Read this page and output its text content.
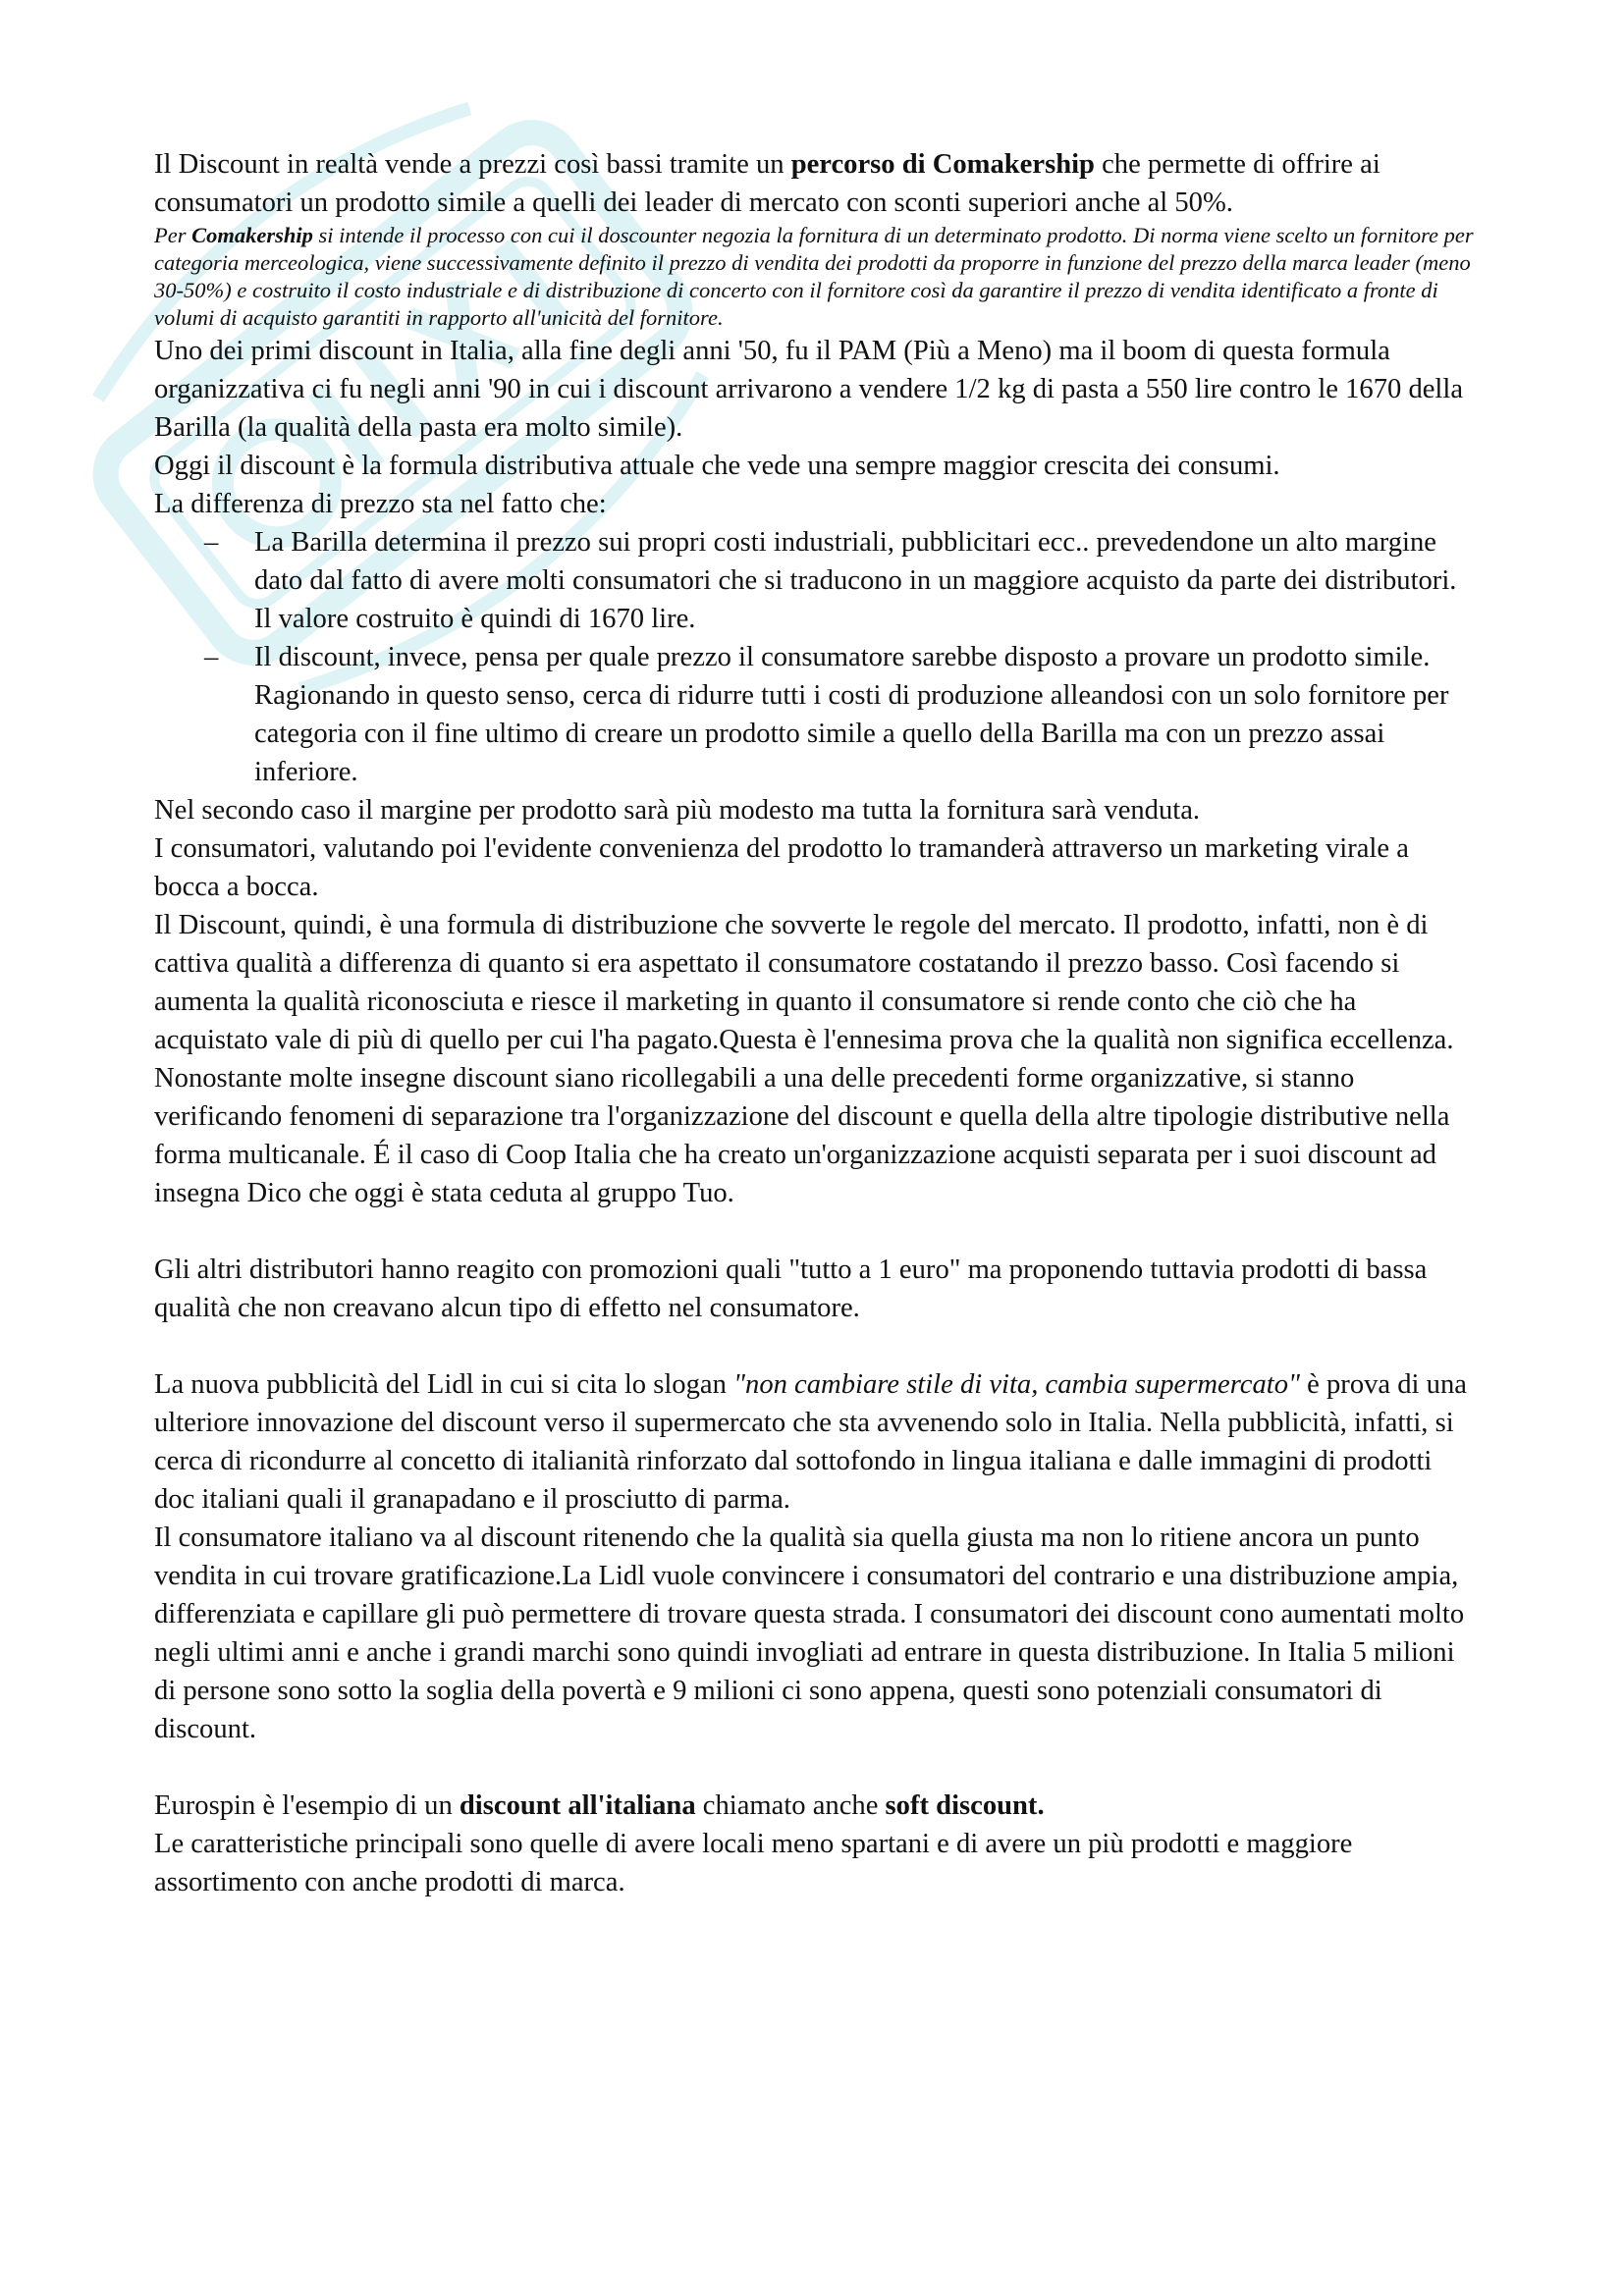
Il Discount in realtà vende a prezzi così bassi tramite un percorso di Comakership che permette di offrire ai consumatori un prodotto simile a quelli dei leader di mercato con sconti superiori anche al 50%.

Per Comakership si intende il processo con cui il doscounter negozia la fornitura di un determinato prodotto. Di norma viene scelto un fornitore per categoria merceologica, viene successivamente definito il prezzo di vendita dei prodotti da proporre in funzione del prezzo della marca leader (meno 30-50%) e costruito il costo industriale e di distribuzione di concerto con il fornitore così da garantire il prezzo di vendita identificato a fronte di volumi di acquisto garantiti in rapporto all'unicità del fornitore.

Uno dei primi discount in Italia, alla fine degli anni '50, fu il PAM (Più a Meno) ma il boom di questa formula organizzativa ci fu negli anni '90 in cui i discount arrivarono a vendere 1/2 kg di pasta a 550 lire contro le 1670 della Barilla (la qualità della pasta era molto simile).

Oggi il discount è la formula distributiva attuale che vede una sempre maggior crescita dei consumi.

La differenza di prezzo sta nel fatto che:

– La Barilla determina il prezzo sui propri costi industriali, pubblicitari ecc.. prevedendone un alto margine dato dal fatto di avere molti consumatori che si traducono in un maggiore acquisto da parte dei distributori. Il valore costruito è quindi di 1670 lire.
– Il discount, invece, pensa per quale prezzo il consumatore sarebbe disposto a provare un prodotto simile. Ragionando in questo senso, cerca di ridurre tutti i costi di produzione alleandosi con un solo fornitore per categoria con il fine ultimo di creare un prodotto simile a quello della Barilla ma con un prezzo assai inferiore.

Nel secondo caso il margine per prodotto sarà più modesto ma tutta la fornitura sarà venduta.

I consumatori, valutando poi l'evidente convenienza del prodotto lo tramanderà attraverso un marketing virale a bocca a bocca.

Il Discount, quindi, è una formula di distribuzione che sovverte le regole del mercato. Il prodotto, infatti, non è di cattiva qualità a differenza di quanto si era aspettato il consumatore costatando il prezzo basso. Così facendo si aumenta la qualità riconosciuta e riesce il marketing in quanto il consumatore si rende conto che ciò che ha acquistato vale di più di quello per cui l'ha pagato.Questa è l'ennesima prova che la qualità non significa eccellenza.

Nonostante molte insegne discount siano ricollegabili a una delle precedenti forme organizzative, si stanno verificando fenomeni di separazione tra l'organizzazione del discount e quella della altre tipologie distributive nella forma multicanale. É il caso di Coop Italia che ha creato un'organizzazione acquisti separata per i suoi discount ad insegna Dico che oggi è stata ceduta al gruppo Tuo.

Gli altri distributori hanno reagito con promozioni quali "tutto a 1 euro" ma proponendo tuttavia prodotti di bassa qualità che non creavano alcun tipo di effetto nel consumatore.

La nuova pubblicità del Lidl in cui si cita lo slogan "non cambiare stile di vita, cambia supermercato" è prova di una ulteriore innovazione del discount verso il supermercato che sta avvenendo solo in Italia. Nella pubblicità, infatti, si cerca di ricondurre al concetto di italianità rinforzato dal sottofondo in lingua italiana e dalle immagini di prodotti doc italiani quali il granapadano e il prosciutto di parma.

Il consumatore italiano va al discount ritenendo che la qualità sia quella giusta ma non lo ritiene ancora un punto vendita in cui trovare gratificazione.La Lidl vuole convincere i consumatori del contrario e una distribuzione ampia, differenziata e capillare gli può permettere di trovare questa strada. I consumatori dei discount cono aumentati molto negli ultimi anni e anche i grandi marchi sono quindi invogliati ad entrare in questa distribuzione. In Italia 5 milioni di persone sono sotto la soglia della povertà e 9 milioni ci sono appena, questi sono potenziali consumatori di discount.

Eurospin è l'esempio di un discount all'italiana chiamato anche soft discount.

Le caratteristiche principali sono quelle di avere locali meno spartani e di avere un più prodotti e maggiore assortimento con anche prodotti di marca.
